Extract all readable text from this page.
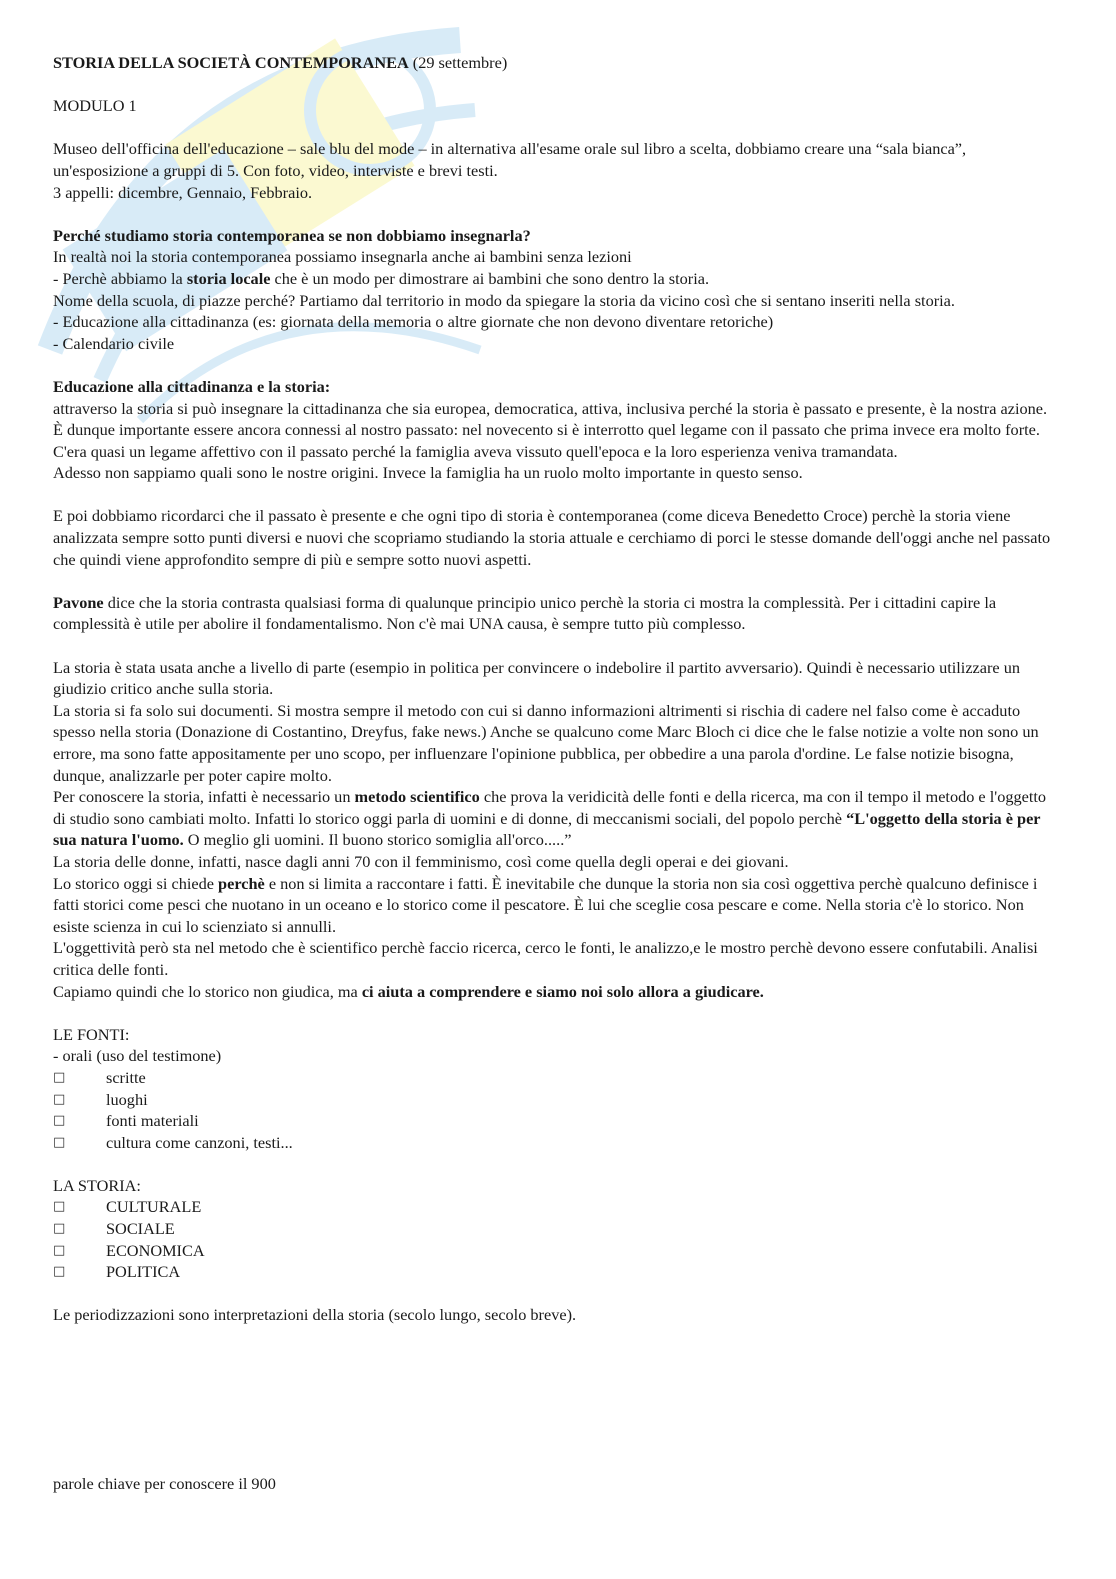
STORIA DELLA SOCIETÀ CONTEMPORANEA (29 settembre)

MODULO 1

Museo dell'officina dell'educazione – sale blu del mode – in alternativa all'esame orale sul libro a scelta, dobbiamo creare una “sala bianca”, un'esposizione a gruppi di 5. Con foto, video, interviste e brevi testi.

3 appelli: dicembre, Gennaio, Febbraio.

Perché studiamo storia contemporanea se non dobbiamo insegnarla?

In realtà noi la storia contemporanea possiamo insegnarla anche ai bambini senza lezioni

- Perchè abbiamo la storia locale che è un modo per dimostrare ai bambini che sono dentro la storia.

Nome della scuola, di piazze perché? Partiamo dal territorio in modo da spiegare la storia da vicino così che si sentano inseriti nella storia.

- Educazione alla cittadinanza (es: giornata della memoria o altre giornate che non devono diventare retoriche)

- Calendario civile

Educazione alla cittadinanza e la storia:

attraverso la storia si può insegnare la cittadinanza che sia europea, democratica, attiva, inclusiva perché la storia è passato e presente, è la nostra azione.

È dunque importante essere ancora connessi al nostro passato: nel novecento si è interrotto quel legame con il passato che prima invece era molto forte. C'era quasi un legame affettivo con il passato perché la famiglia aveva vissuto quell'epoca e la loro esperienza veniva tramandata.

Adesso non sappiamo quali sono le nostre origini. Invece la famiglia ha un ruolo molto importante in questo senso.

E poi dobbiamo ricordarci che il passato è presente e che ogni tipo di storia è contemporanea (come diceva Benedetto Croce) perchè la storia viene analizzata sempre sotto punti diversi e nuovi che scopriamo studiando la storia attuale e cerchiamo di porci le stesse domande dell'oggi anche nel passato che quindi viene approfondito sempre di più e sempre sotto nuovi aspetti.

Pavone dice che la storia contrasta qualsiasi forma di qualunque principio unico perchè la storia ci mostra la complessità. Per i cittadini capire la complessità è utile per abolire il fondamentalismo. Non c'è mai UNA causa, è sempre tutto più complesso.

La storia è stata usata anche a livello di parte (esempio in politica per convincere o indebolire il partito avversario). Quindi è necessario utilizzare un giudizio critico anche sulla storia.

La storia si fa solo sui documenti. Si mostra sempre il metodo con cui si danno informazioni altrimenti si rischia di cadere nel falso come è accaduto spesso nella storia (Donazione di Costantino, Dreyfus, fake news.) Anche se qualcuno come Marc Bloch ci dice che le false notizie a volte non sono un errore, ma sono fatte appositamente per uno scopo, per influenzare l'opinione pubblica, per obbedire a una parola d'ordine. Le false notizie bisogna, dunque, analizzarle per poter capire molto.

Per conoscere la storia, infatti è necessario un metodo scientifico che prova la veridicità delle fonti e della ricerca, ma con il tempo il metodo e l'oggetto di studio sono cambiati molto. Infatti lo storico oggi parla di uomini e di donne, di meccanismi sociali, del popolo perchè “L'oggetto della storia è per sua natura l'uomo. O meglio gli uomini. Il buono storico somiglia all'orco.....”

La storia delle donne, infatti, nasce dagli anni 70 con il femminismo, così come quella degli operai e dei giovani.

Lo storico oggi si chiede perchè e non si limita a raccontare i fatti. È inevitabile che dunque la storia non sia così oggettiva perchè qualcuno definisce i fatti storici come pesci che nuotano in un oceano e lo storico come il pescatore. È lui che sceglie cosa pescare e come. Nella storia c'è lo storico. Non esiste scienza in cui lo scienziato si annulli.

L'oggettività però sta nel metodo che è scientifico perchè faccio ricerca, cerco le fonti, le analizzo,e le mostro perchè devono essere confutabili. Analisi critica delle fonti.

Capiamo quindi che lo storico non giudica, ma ci aiuta a comprendere e siamo noi solo allora a giudicare.

LE FONTI:

- orali (uso del testimone)

□	scritte
□	luoghi
□	fonti materiali
□	cultura come canzoni, testi...

LA STORIA:

□	CULTURALE
□	SOCIALE
□	ECONOMICA
□	POLITICA

Le periodizzazioni sono interpretazioni della storia (secolo lungo, secolo breve).

parole chiave per conoscere il 900
